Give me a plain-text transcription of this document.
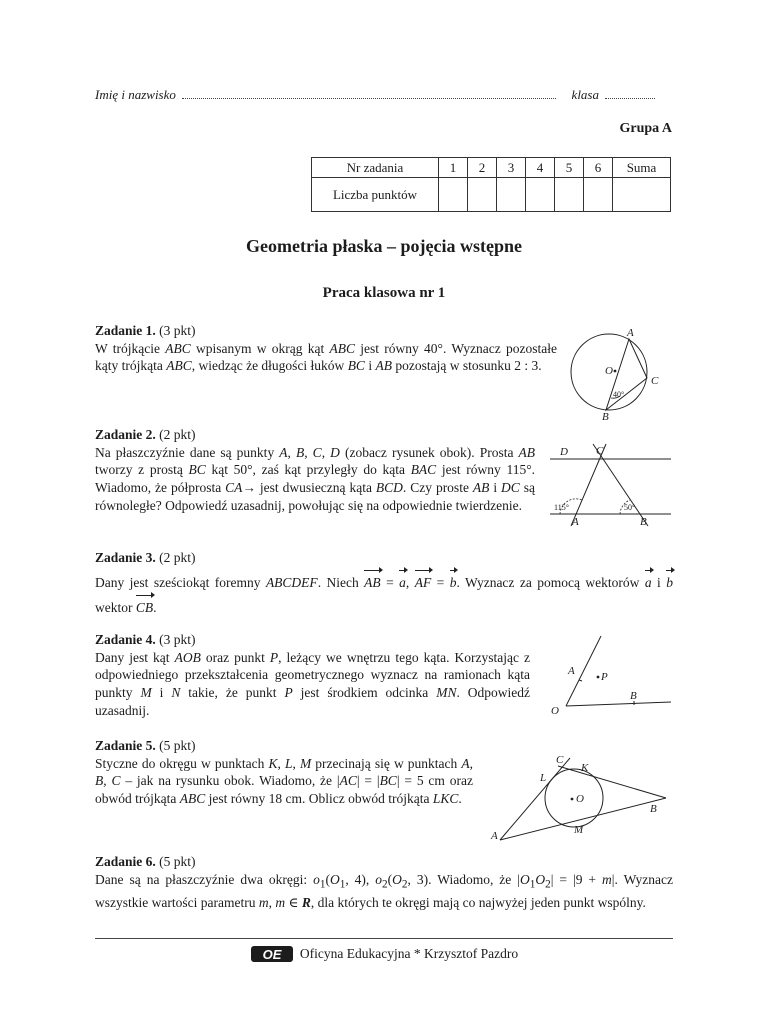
Imię i nazwisko	klasa
Grupa A
Nr zadania	1	2	3	4	5	6	Suma
Liczba punktów							
Geometria płaska – pojęcia wstępne
Praca klasowa nr 1
Zadanie 1. (3 pkt)
W trójkącie ABC wpisanym w okrąg kąt ABC jest równy 40°. Wyznacz pozostałe kąty trójkąta ABC, wiedząc że długości łuków BC i AB pozostają w stosunku 2 : 3.
A
B
C
O
40°
Zadanie 2. (2 pkt)
Na płaszczyźnie dane są punkty A, B, C, D (zobacz rysunek obok). Prosta AB tworzy z prostą BC kąt 50°, zaś kąt przyległy do kąta BAC jest równy 115°. Wiadomo, że półprosta CA→ jest dwusieczną kąta BCD. Czy proste AB i DC są równoległe? Odpowiedź uzasadnij, powołując się na odpowiednie twierdzenie.
D	C
A	B
115°	50°
Zadanie 3. (2 pkt)
Dany jest sześciokąt foremny ABCDEF. Niech AB = a, AF = b. Wyznacz za pomocą wektorów a i b wektor CB.
Zadanie 4. (3 pkt)
Dany jest kąt AOB oraz punkt P, leżący we wnętrzu tego kąta. Korzystając z odpowiedniego przekształcenia geometrycznego wyznacz na ramionach kąta punkty M i N takie, że punkt P jest środkiem odcinka MN. Odpowiedź uzasadnij.
A P
B
O
Zadanie 5. (5 pkt)
Styczne do okręgu w punktach K, L, M przecinają się w punktach A, B, C – jak na rysunku obok. Wiadomo, że |AC| = |BC| = 5 cm oraz obwód trójkąta ABC jest równy 18 cm. Oblicz obwód trójkąta LKC.
C
K
L
O
B
A	M
Zadanie 6. (5 pkt)
Dane są na płaszczyźnie dwa okręgi: $o_1(O_1$, 4), $o_2(O_2$, 3). Wiadomo, że $|O_1O_2| = |9 + m|$. Wyznacz wszystkie wartości parametru m, m ∈ R, dla których te okręgi mają co najwyżej jeden punkt wspólny.
OE Oficyna Edukacyjna * Krzysztof Pazdro
